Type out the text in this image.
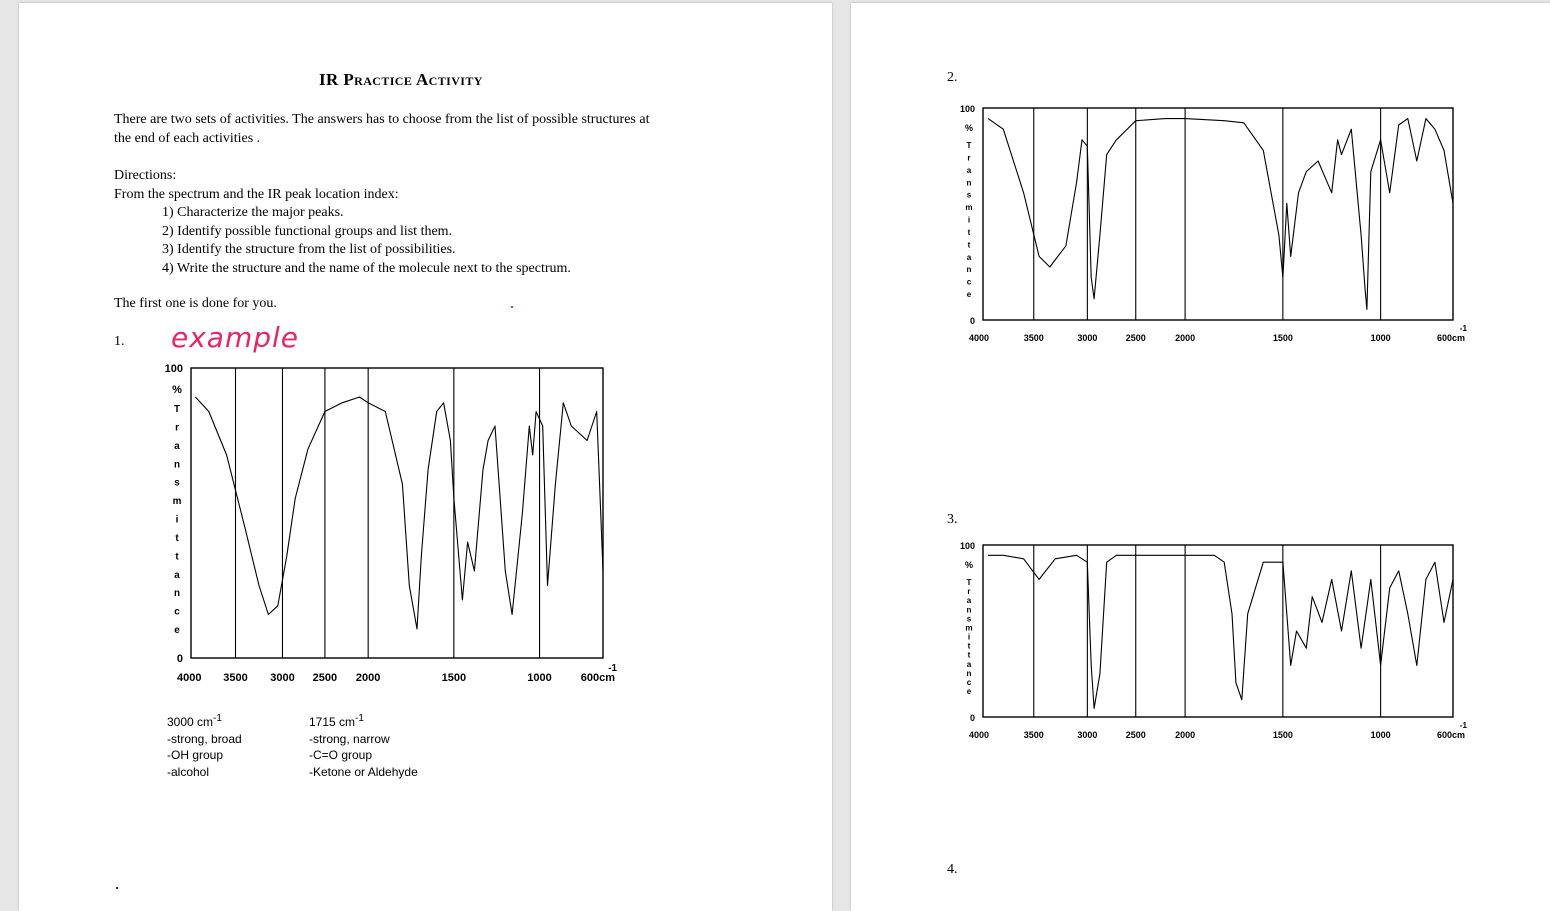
IR Practice Activity
There are two sets of activities. The answers has to choose from the list of possible structures at
the end of each activities .
Directions:
From the spectrum and the IR peak location index:
1) Characterize the major peaks.
2) Identify possible functional groups and list them.
3) Identify the structure from the list of possibilities.
4) Write the structure and the name of the molecule next to the spectrum.
The first one is done for you.
1. example
100
%
0
T
r
a
n
s
m
i
t
t
a
n
c
e
4000 3500 3000 2500 2000	1500	1000	600cm
-1
3000 $cm^{-1}$
-strong, broad
-OH group
-alcohol
1715 $cm^{-1}$
-strong, narrow
-C=O group
-Ketone or Aldehyde
2.
100
%
0
T
r
a
n
s
m
i
t
t
a
n
c
e
4000	3500	3000	2500	2000	1500	1000	600cm
-1
3.
100
%
0
T
r
a
n
s
m
i
t
t
a
n
c
e
4000	3500	3000	2500	2000	1500	1000	600cm
-1
4.
